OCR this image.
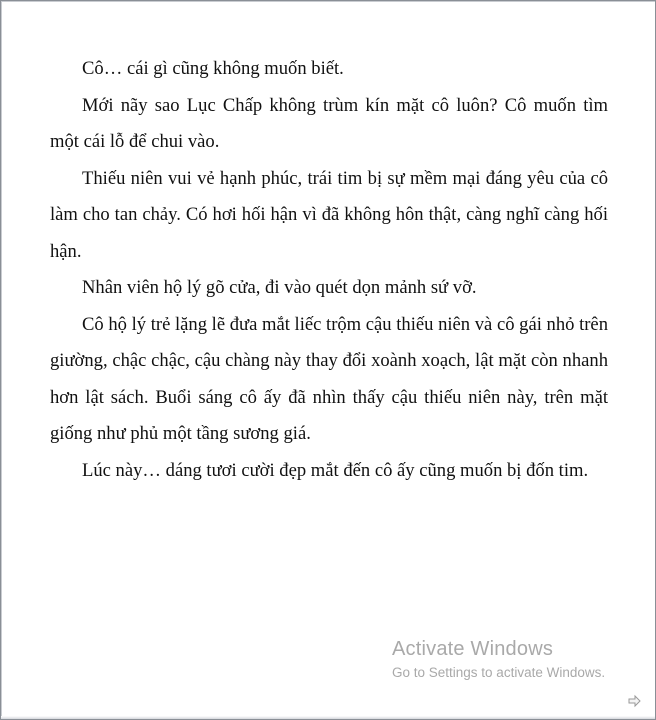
Cô… cái gì cũng không muốn biết.

Mới nãy sao Lục Chấp không trùm kín mặt cô luôn? Cô muốn tìm một cái lỗ để chui vào.

Thiếu niên vui vẻ hạnh phúc, trái tim bị sự mềm mại đáng yêu của cô làm cho tan chảy. Có hơi hối hận vì đã không hôn thật, càng nghĩ càng hối hận.

Nhân viên hộ lý gõ cửa, đi vào quét dọn mảnh sứ vỡ.

Cô hộ lý trẻ lặng lẽ đưa mắt liếc trộm cậu thiếu niên và cô gái nhỏ trên giường, chậc chậc, cậu chàng này thay đổi xoành xoạch, lật mặt còn nhanh hơn lật sách. Buổi sáng cô ấy đã nhìn thấy cậu thiếu niên này, trên mặt giống như phủ một tầng sương giá.

Lúc này… dáng tươi cười đẹp mắt đến cô ấy cũng muốn bị đốn tim.

Activate Windows
Go to Settings to activate Windows.
